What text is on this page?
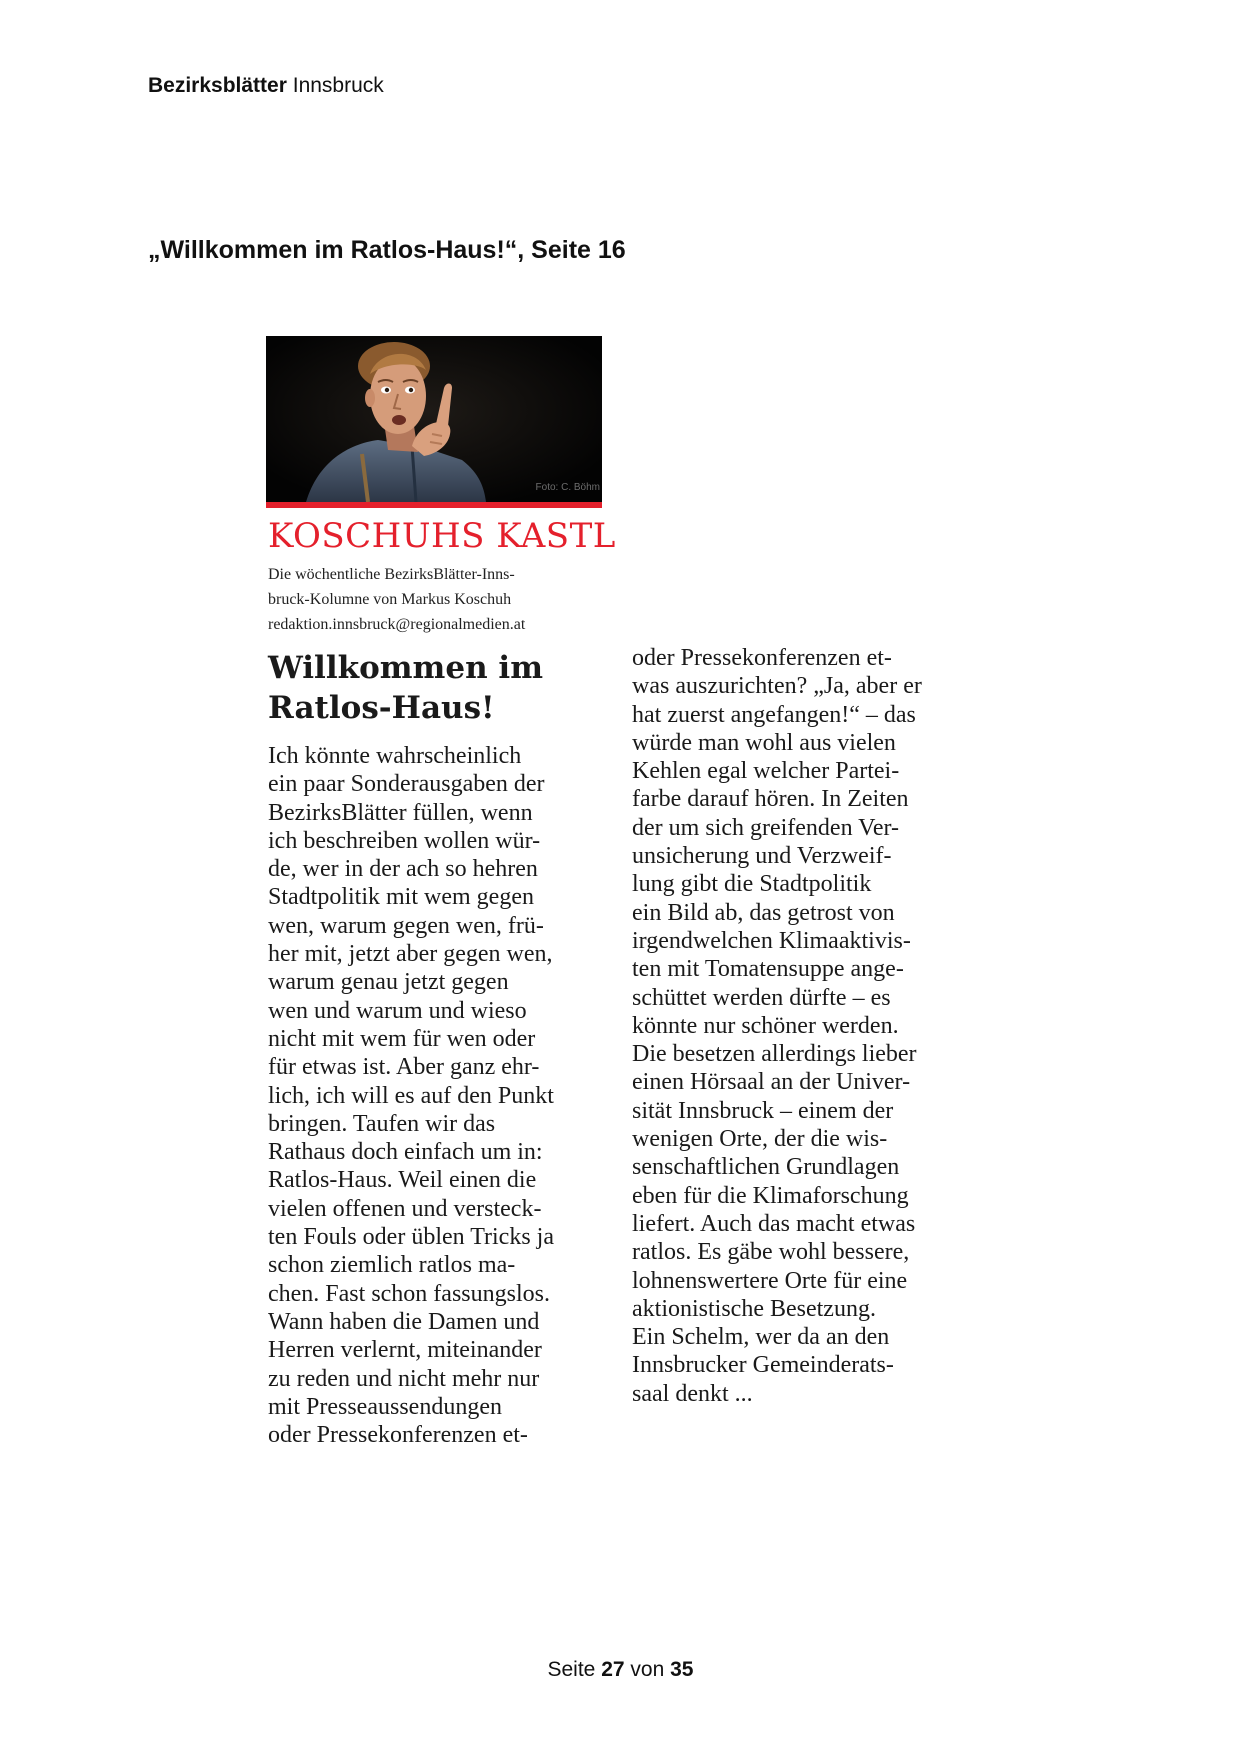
Bezirksblätter Innsbruck
„Willkommen im Ratlos-Haus!“, Seite 16
Foto: C. Böhm
KOSCHUHS KASTL
Die wöchentliche BezirksBlätter-Inns-
bruck-Kolumne von Markus Koschuh
redaktion.innsbruck@regionalmedien.at
Willkommen im
Ratlos-Haus!
Ich könnte wahrscheinlich
ein paar Sonderausgaben der
BezirksBlätter füllen, wenn
ich beschreiben wollen wür-
de, wer in der ach so hehren
Stadtpolitik mit wem gegen
wen, warum gegen wen, frü-
her mit, jetzt aber gegen wen,
warum genau jetzt gegen
wen und warum und wieso
nicht mit wem für wen oder
für etwas ist. Aber ganz ehr-
lich, ich will es auf den Punkt
bringen. Taufen wir das
Rathaus doch einfach um in:
Ratlos-Haus. Weil einen die
vielen offenen und versteck-
ten Fouls oder üblen Tricks ja
schon ziemlich ratlos ma-
chen. Fast schon fassungslos.
Wann haben die Damen und
Herren verlernt, miteinander
zu reden und nicht mehr nur
mit Presseaussendungen
oder Pressekonferenzen et-
oder Pressekonferenzen et-
was auszurichten? „Ja, aber er
hat zuerst angefangen!“ – das
würde man wohl aus vielen
Kehlen egal welcher Partei-
farbe darauf hören. In Zeiten
der um sich greifenden Ver-
unsicherung und Verzweif-
lung gibt die Stadtpolitik
ein Bild ab, das getrost von
irgendwelchen Klimaaktivis-
ten mit Tomatensuppe ange-
schüttet werden dürfte – es
könnte nur schöner werden.
Die besetzen allerdings lieber
einen Hörsaal an der Univer-
sität Innsbruck – einem der
wenigen Orte, der die wis-
senschaftlichen Grundlagen
eben für die Klimaforschung
liefert. Auch das macht etwas
ratlos. Es gäbe wohl bessere,
lohnenswertere Orte für eine
aktionistische Besetzung.
Ein Schelm, wer da an den
Innsbrucker Gemeinderats-
saal denkt ...
Seite 27 von 35
